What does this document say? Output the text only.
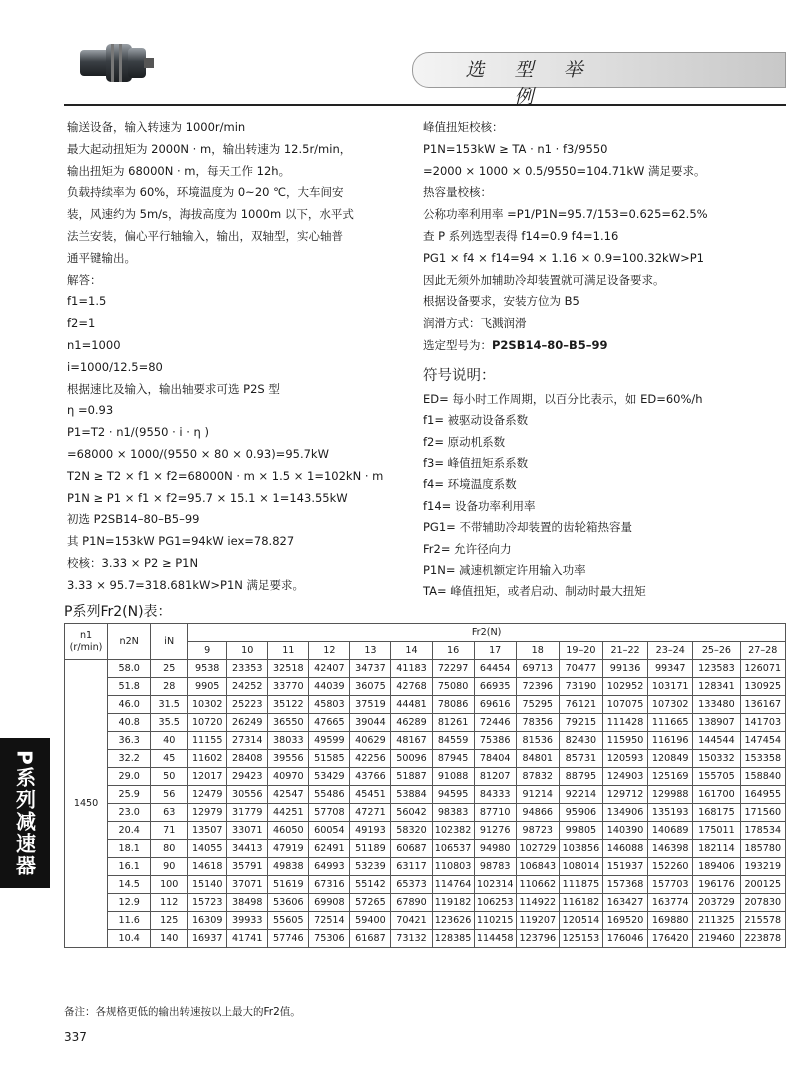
选 型 举 例
输送设备，输入转速为 1000r/min
最大起动扭矩为 2000N · m，输出转速为 12.5r/min，
输出扭矩为 68000N · m，每天工作 12h。
负载持续率为 60%，环境温度为 0~20 ℃，大车间安
装，风速约为 5m/s，海拔高度为 1000m 以下，水平式
法兰安装，偏心平行轴输入，输出，双轴型，实心轴普
通平键输出。
解答：
f1=1.5
f2=1
n1=1000
i=1000/12.5=80
根据速比及输入，输出轴要求可选 P2S 型
η =0.93
P1=T2 · n1/(9550 · i · η )
=68000 × 1000/(9550 × 80 × 0.93)=95.7kW
T2N ≥ T2 × f1 × f2=68000N · m × 1.5 × 1=102kN · m
P1N ≥ P1 × f1 × f2=95.7 × 15.1 × 1=143.55kW
初选 P2SB14–80–B5–99
其 P1N=153kW PG1=94kW iex=78.827
校核：3.33 × P2 ≥ P1N
3.33 × 95.7=318.681kW>P1N 满足要求。
峰值扭矩校核：
P1N=153kW ≥ TA · n1 · f3/9550
=2000 × 1000 × 0.5/9550=104.71kW 满足要求。
热容量校核：
公称功率利用率 =P1/P1N=95.7/153=0.625=62.5%
查 P 系列选型表得 f14=0.9 f4=1.16
PG1 × f4 × f14=94 × 1.16 × 0.9=100.32kW>P1
因此无须外加辅助冷却装置就可满足设备要求。
根据设备要求，安装方位为 B5
润滑方式：飞溅润滑
选定型号为：P2SB14–80–B5–99
符号说明：
ED= 每小时工作周期，以百分比表示，如 ED=60%/h
f1= 被驱动设备系数
f2= 原动机系数
f3= 峰值扭矩系系数
f4= 环境温度系数
f14= 设备功率利用率
PG1= 不带辅助冷却装置的齿轮箱热容量
Fr2= 允许径向力
P1N= 减速机额定许用输入功率
TA= 峰值扭矩，或者启动、制动时最大扭矩
P系列Fr2(N)表：
n1
(r/min)	n2N	iN	Fr2(N)													
			9	10	11	12	13	14	16	17	18	19–20	21–22	23–24	25–26	27–28
1450	58.0	25	9538	23353	32518	42407	34737	41183	72297	64454	69713	70477	99136	99347	123583	126071
	51.8	28	9905	24252	33770	44039	36075	42768	75080	66935	72396	73190	102952	103171	128341	130925
	46.0	31.5	10302	25223	35122	45803	37519	44481	78086	69616	75295	76121	107075	107302	133480	136167
	40.8	35.5	10720	26249	36550	47665	39044	46289	81261	72446	78356	79215	111428	111665	138907	141703
	36.3	40	11155	27314	38033	49599	40629	48167	84559	75386	81536	82430	115950	116196	144544	147454
	32.2	45	11602	28408	39556	51585	42256	50096	87945	78404	84801	85731	120593	120849	150332	153358
	29.0	50	12017	29423	40970	53429	43766	51887	91088	81207	87832	88795	124903	125169	155705	158840
	25.9	56	12479	30556	42547	55486	45451	53884	94595	84333	91214	92214	129712	129988	161700	164955
	23.0	63	12979	31779	44251	57708	47271	56042	98383	87710	94866	95906	134906	135193	168175	171560
	20.4	71	13507	33071	46050	60054	49193	58320	102382	91276	98723	99805	140390	140689	175011	178534
	18.1	80	14055	34413	47919	62491	51189	60687	106537	94980	102729	103856	146088	146398	182114	185780
	16.1	90	14618	35791	49838	64993	53239	63117	110803	98783	106843	108014	151937	152260	189406	193219
	14.5	100	15140	37071	51619	67316	55142	65373	114764	102314	110662	111875	157368	157703	196176	200125
	12.9	112	15723	38498	53606	69908	57265	67890	119182	106253	114922	116182	163427	163774	203729	207830
	11.6	125	16309	39933	55605	72514	59400	70421	123626	110215	119207	120514	169520	169880	211325	215578
	10.4	140	16937	41741	57746	75306	61687	73132	128385	114458	123796	125153	176046	176420	219460	223878
备注：各规格更低的输出转速按以上最大的Fr2值。
337
P系列减速器
